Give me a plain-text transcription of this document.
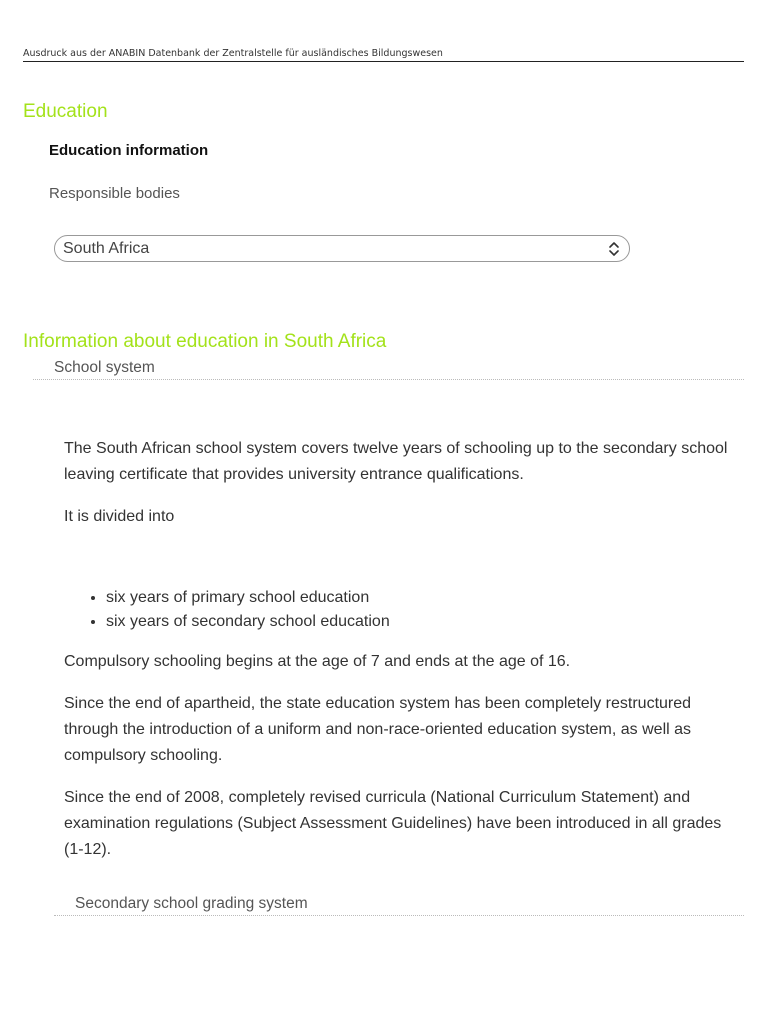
Ausdruck aus der ANABIN Datenbank der Zentralstelle für ausländisches Bildungswesen
Education
Education information
Responsible bodies
South Africa
Information about education in South Africa
School system

The South African school system covers twelve years of schooling up to the secondary school leaving certificate that provides university entrance qualifications.

It is divided into

• six years of primary school education
• six years of secondary school education

Compulsory schooling begins at the age of 7 and ends at the age of 16.

Since the end of apartheid, the state education system has been completely restructured through the introduction of a uniform and non-race-oriented education system, as well as compulsory schooling.

Since the end of 2008, completely revised curricula (National Curriculum Statement) and examination regulations (Subject Assessment Guidelines) have been introduced in all grades (1-12).

Secondary school grading system
